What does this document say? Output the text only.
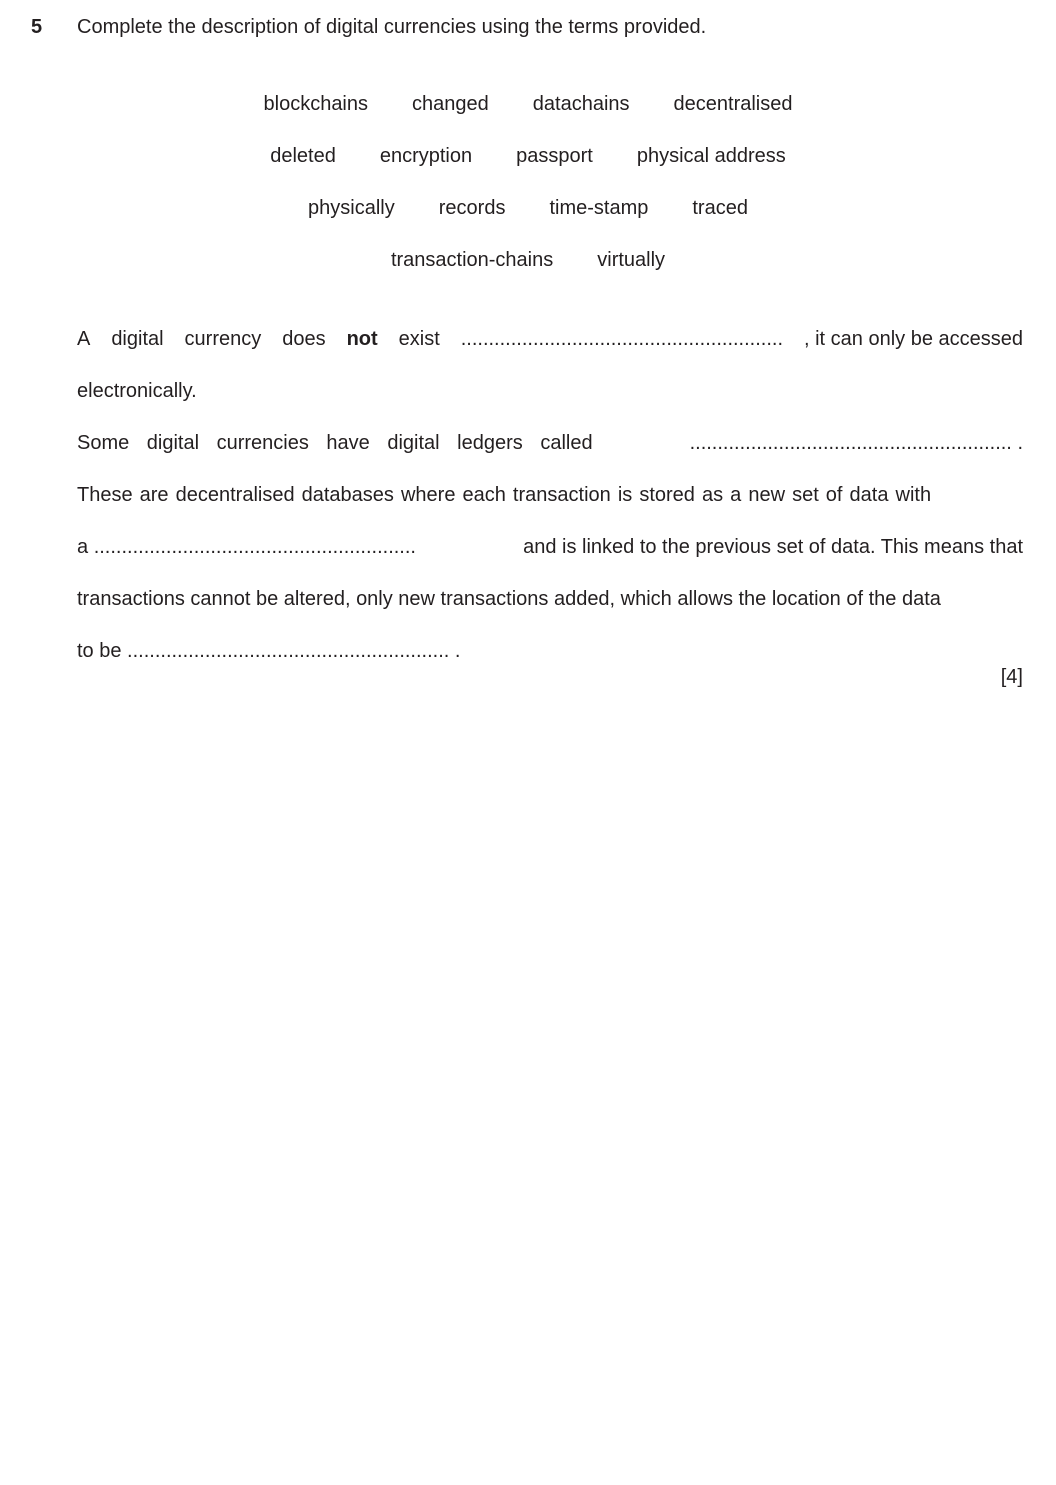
5 Complete the description of digital currencies using the terms provided.
blockchains changed datachains decentralised
deleted encryption passport physical address
physically records time-stamp traced
transaction-chains virtually
A digital currency does not exist .......................................................... , it can only be accessed
electronically.
Some digital currencies have digital ledgers called	.......................................................... .
These are decentralised databases where each transaction is stored as a new set of data with
a ..........................................................	and is linked to the previous set of data. This means that
transactions cannot be altered, only new transactions added, which allows the location of the data
to be .......................................................... .
[4]
